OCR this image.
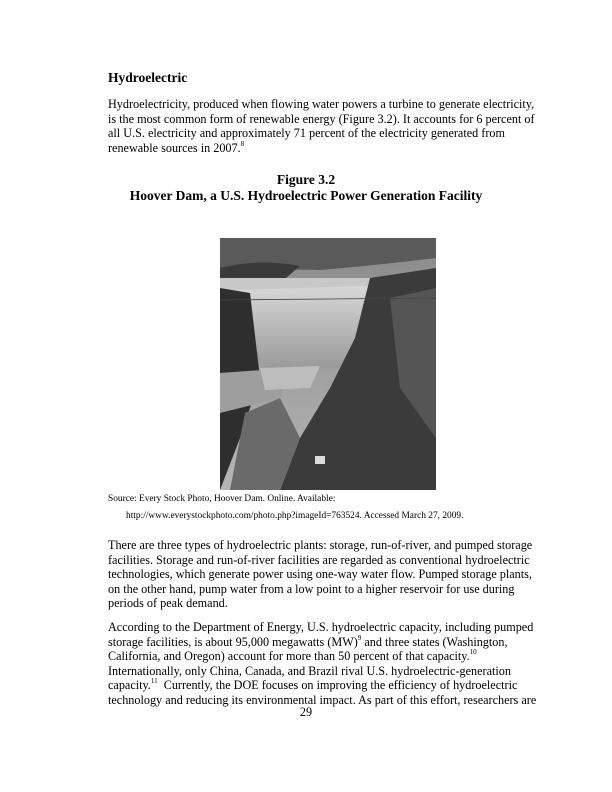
Hydroelectric
Hydroelectricity, produced when flowing water powers a turbine to generate electricity,
is the most common form of renewable energy (Figure 3.2). It accounts for 6 percent of
all U.S. electricity and approximately 71 percent of the electricity generated from
renewable sources in 2007.$^8$
Figure 3.2
Hoover Dam, a U.S. Hydroelectric Power Generation Facility
Source: Every Stock Photo, Hoover Dam. Online. Available:
http://www.everystockphoto.com/photo.php?imageId=763524. Accessed March 27, 2009.
There are three types of hydroelectric plants: storage, run-of-river, and pumped storage
facilities. Storage and run-of-river facilities are regarded as conventional hydroelectric
technologies, which generate power using one-way water flow. Pumped storage plants,
on the other hand, pump water from a low point to a higher reservoir for use during
periods of peak demand.
According to the Department of Energy, U.S. hydroelectric capacity, including pumped
storage facilities, is about 95,000 megawatts (MW)$^9$ and three states (Washington,
California, and Oregon) account for more than 50 percent of that capacity.$^{10}$
Internationally, only China, Canada, and Brazil rival U.S. hydroelectric-generation
capacity.$^{11}$  Currently, the DOE focuses on improving the efficiency of hydroelectric
technology and reducing its environmental impact. As part of this effort, researchers are
29
